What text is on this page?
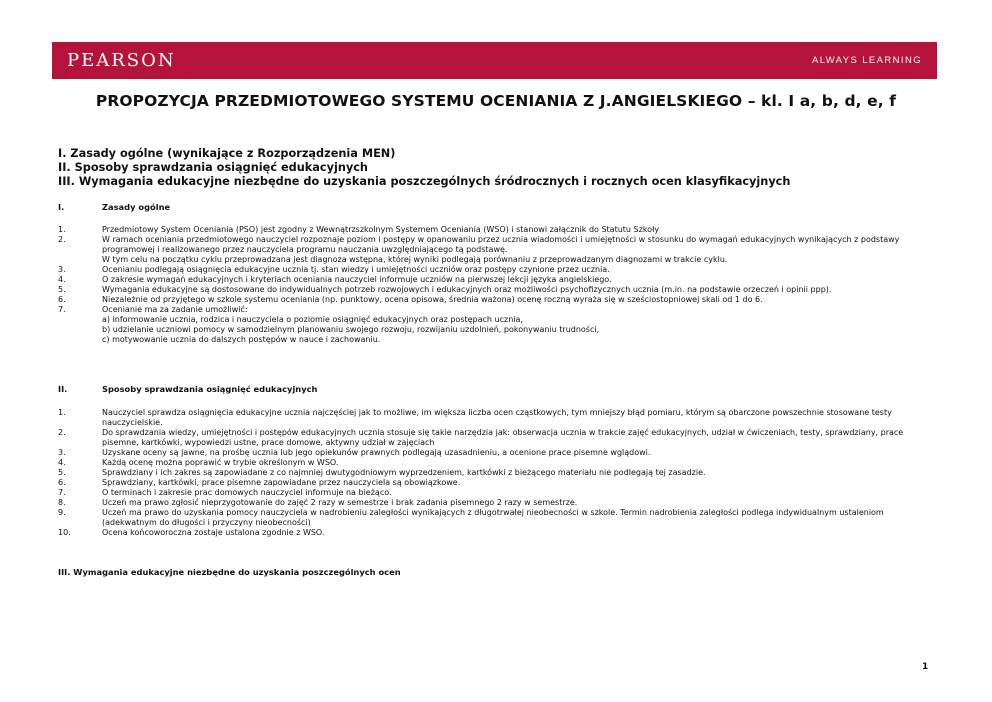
PEARSON	ALWAYS LEARNING
PROPOZYCJA PRZEDMIOTOWEGO SYSTEMU OCENIANIA Z J.ANGIELSKIEGO – kl. I a, b, d, e, f
I. Zasady ogólne (wynikające z Rozporządzenia MEN)
II. Sposoby sprawdzania osiągnięć edukacyjnych
III. Wymagania edukacyjne niezbędne do uzyskania poszczególnych śródrocznych i rocznych ocen klasyfikacyjnych
I.	Zasady ogólne
1.	Przedmiotowy System Oceniania (PSO) jest zgodny z Wewnątrzszkolnym Systemem Oceniania (WSO) i stanowi załącznik do Statutu Szkoły
2.	W ramach oceniania przedmiotowego nauczyciel rozpoznaje poziom i postępy w opanowaniu przez ucznia wiadomości i umiejętności w stosunku do wymagań edukacyjnych wynikających z podstawy programowej i realizowanego przez nauczyciela programu nauczania uwzględniającego tą podstawę.
W tym celu na początku cyklu przeprowadzana jest diagnoza wstępna, której wyniki podlegają porównaniu z przeprowadzanym diagnozami w trakcie cyklu.
3.	Ocenianiu podlegają osiągnięcia edukacyjne ucznia tj. stan wiedzy i umiejętności uczniów oraz postępy czynione przez ucznia.
4.	O zakresie wymagań edukacyjnych i kryteriach oceniania nauczyciel informuje uczniów na pierwszej lekcji języka angielskiego.
5.	Wymagania edukacyjne są dostosowane do indywidualnych potrzeb rozwojowych i edukacyjnych oraz możliwości psychofizycznych ucznia (m.in. na podstawie orzeczeń i opinii ppp).
6.	Niezależnie od przyjętego w szkole systemu oceniania (np. punktowy, ocena opisowa, średnia ważona) ocenę roczną wyraża się w sześciostopniowej skali od 1 do 6.
7.	Ocenianie ma za zadanie umożliwić:
a) informowanie ucznia, rodzica i nauczyciela o poziomie osiągnięć edukacyjnych oraz postępach ucznia,
b) udzielanie uczniowi pomocy w samodzielnym planowaniu swojego rozwoju, rozwijaniu uzdolnień, pokonywaniu trudności,
c) motywowanie ucznia do dalszych postępów w nauce i zachowaniu.
II.	Sposoby sprawdzania osiągnięć edukacyjnych
1.	Nauczyciel sprawdza osiągnięcia edukacyjne ucznia najczęściej jak to możliwe, im większa liczba ocen cząstkowych, tym mniejszy błąd pomiaru, którym są obarczone powszechnie stosowane testy nauczycielskie.
2.	Do sprawdzania wiedzy, umiejętności i postępów edukacyjnych ucznia stosuje się takie narzędzia jak: obserwacja ucznia w trakcie zajęć edukacyjnych, udział w ćwiczeniach, testy, sprawdziany, prace pisemne, kartkówki, wypowiedzi ustne, prace domowe, aktywny udział w zajęciach
3.	Uzyskane oceny są jawne, na prośbę ucznia lub jego opiekunów prawnych podlegają uzasadnieniu, a ocenione prace pisemne wglądowi.
4.	Każdą ocenę można poprawić w trybie określonym w WSO.
5.	Sprawdziany i ich zakres są zapowiadane z co najmniej dwutygodniowym wyprzedzeniem, kartkówki z bieżącego materiału nie podlegają tej zasadzie.
6.	Sprawdziany, kartkówki, prace pisemne zapowiadane przez nauczyciela są obowiązkowe.
7.	O terminach i zakresie prac domowych nauczyciel informuje na bieżąco.
8.	Uczeń ma prawo zgłosić nieprzygotowanie do zajęć 2 razy w semestrze i brak zadania pisemnego 2 razy w semestrze.
9.	Uczeń ma prawo do uzyskania pomocy nauczyciela w nadrobieniu zaległości wynikających z długotrwałej nieobecności w szkole. Termin nadrobienia zaległości podlega indywidualnym ustaleniom (adekwatnym do długości i przyczyny nieobecności)
10.	Ocena końcoworoczna zostaje ustalona zgodnie z WSO.
III. Wymagania edukacyjne niezbędne do uzyskania poszczególnych ocen
1
